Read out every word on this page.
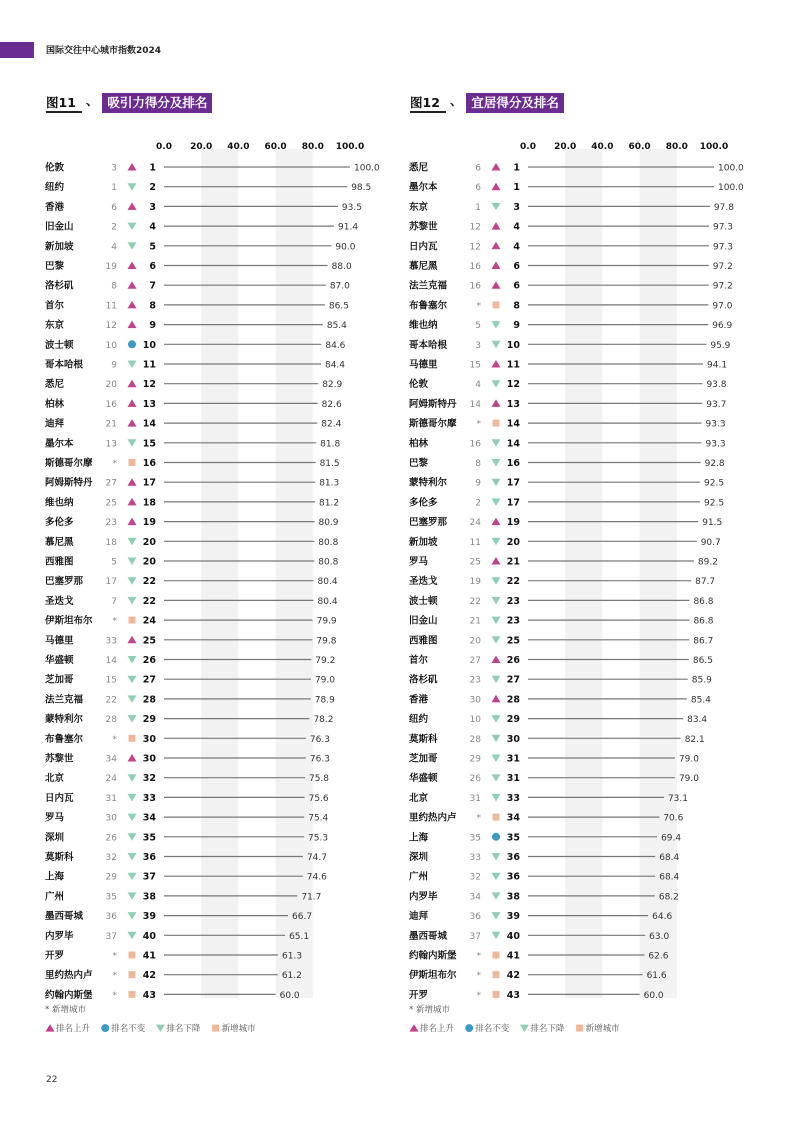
国际交往中心城市指数2024
图11 、 吸引力得分及排名	图12 、 宜居得分及排名
0.0 20.0 40.0 60.0 80.0 100.0
伦敦	3	1	100.0
纽约	1	2	98.5
香港	6	3	93.5
旧金山	2	4	91.4
新加坡	4	5	90.0
巴黎	19	6	88.0
洛杉矶	8	7	87.0
首尔	11	8	86.5
东京	12	9	85.4
波士顿	10	10	84.6
哥本哈根	9	11	84.4
悉尼	20	12	82.9
柏林	16	13	82.6
迪拜	21	14	82.4
墨尔本	13	15	81.8
斯德哥尔摩 *	16	81.5
阿姆斯特丹 27	17	81.3
维也纳	25	18	81.2
多伦多	23	19	80.9
慕尼黑	18	20	80.8
西雅图	5	20	80.8
巴塞罗那	17	22	80.4
圣迭戈	7	22	80.4
伊斯坦布尔 *	24	79.9
马德里	33	25	79.8
华盛顿	14	26	79.2
芝加哥	15	27	79.0
法兰克福	22	28	78.9
蒙特利尔	28	29	78.2
布鲁塞尔	*	30	76.3
苏黎世	34	30	76.3
北京	24	32	75.8
日内瓦	31	33	75.6
罗马	30	34	75.4
深圳	26	35	75.3
莫斯科	32	36	74.7
上海	29	37	74.6
广州	35	38	71.7
墨西哥城	36	39	66.7
内罗毕	37	40	65.1
开罗	*	41	61.3
里约热内卢 *	42	61.2
约翰内斯堡 *	43	60.0
* 新增城市
排名上升 排名不变 排名下降 新增城市
0.0 20.0 40.0 60.0 80.0 100.0
悉尼	6	1	100.0
墨尔本	6	1	100.0
东京	1	3	97.8
苏黎世	12	4	97.3
日内瓦	12	4	97.3
慕尼黑	16	6	97.2
法兰克福	16	6	97.2
布鲁塞尔	*	8	97.0
维也纳	5	9	96.9
哥本哈根	3	10	95.9
马德里	15	11	94.1
伦敦	4	12	93.8
阿姆斯特丹 14	13	93.7
斯德哥尔摩 *	14	93.3
柏林	16	14	93.3
巴黎	8	16	92.8
蒙特利尔	9	17	92.5
多伦多	2	17	92.5
巴塞罗那	24	19	91.5
新加坡	11	20	90.7
罗马	25	21	89.2
圣迭戈	19	22	87.7
波士顿	22	23	86.8
旧金山	21	23	86.8
西雅图	20	25	86.7
首尔	27	26	86.5
洛杉矶	23	27	85.9
香港	30	28	85.4
纽约	10	29	83.4
莫斯科	28	30	82.1
芝加哥	29	31	79.0
华盛顿	26	31	79.0
北京	31	33	73.1
里约热内卢 *	34	70.6
上海	35	35	69.4
深圳	33	36	68.4
广州	32	36	68.4
内罗毕	34	38	68.2
迪拜	36	39	64.6
墨西哥城	37	40	63.0
约翰内斯堡 *	41	62.6
伊斯坦布尔 *	42	61.6
开罗	*	43	60.0
* 新增城市
排名上升 排名不变 排名下降 新增城市
22
